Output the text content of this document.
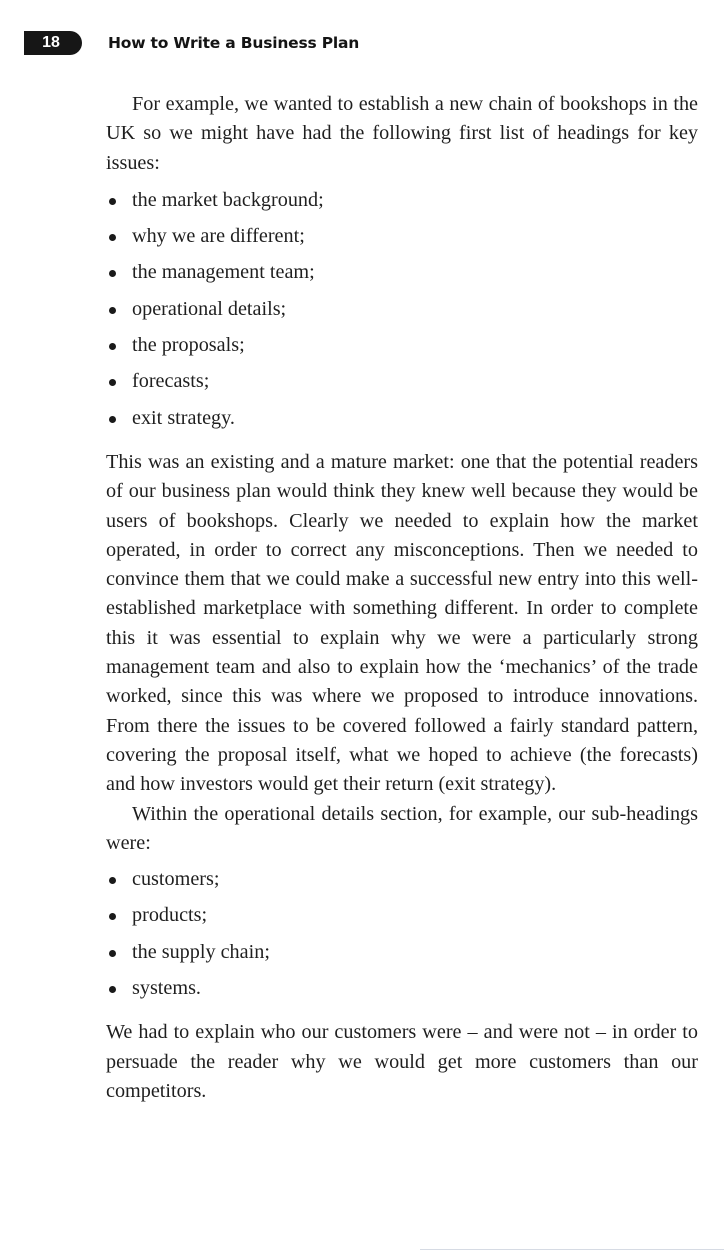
18	How to Write a Business Plan

For example, we wanted to establish a new chain of bookshops in the UK so we might have had the following first list of headings for key issues:

the market background;
why we are different;
the management team;
operational details;
the proposals;
forecasts;
exit strategy.

This was an existing and a mature market: one that the potential readers of our business plan would think they knew well because they would be users of bookshops. Clearly we needed to explain how the market operated, in order to correct any misconceptions. Then we needed to convince them that we could make a successful new entry into this well-established marketplace with something different. In order to complete this it was essential to explain why we were a particularly strong management team and also to explain how the ‘mechanics’ of the trade worked, since this was where we proposed to introduce innovations. From there the issues to be covered followed a fairly standard pattern, covering the proposal itself, what we hoped to achieve (the forecasts) and how investors would get their return (exit strategy).

Within the operational details section, for example, our sub-headings were:

customers;
products;
the supply chain;
systems.

We had to explain who our customers were – and were not – in order to persuade the reader why we would get more customers than our competitors.
